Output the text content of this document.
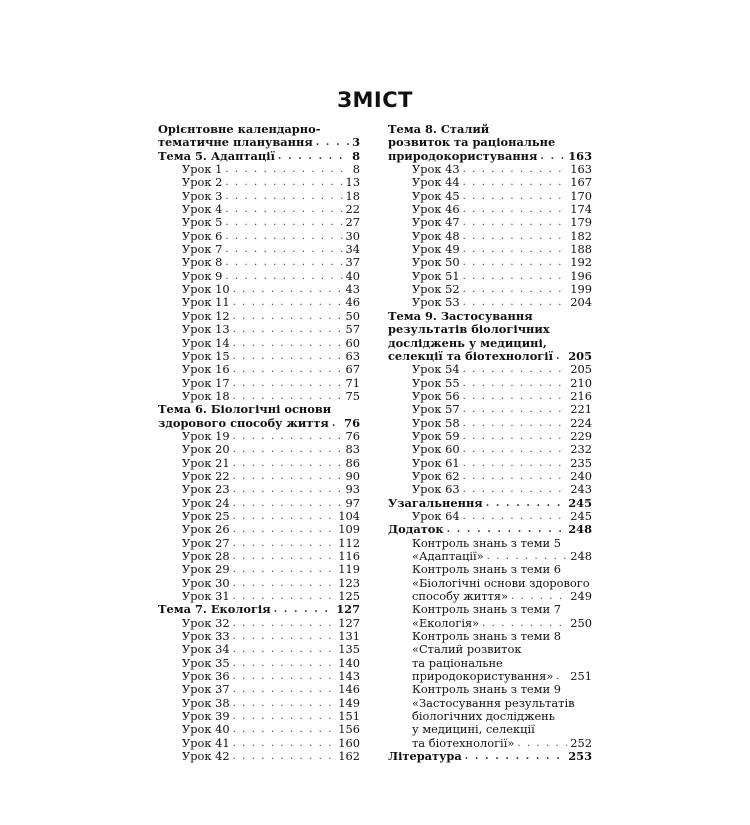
ЗМІСТ
Орієнтовне календарно-
тематичне планування . . .	3
Тема 5. Адаптації . . .	8
Урок 1 . . .	8
Урок 2 . . .	13
Урок 3 . . .	18
Урок 4 . . .	22
Урок 5 . . .	27
Урок 6 . . .	30
Урок 7 . . .	34
Урок 8 . . .	37
Урок 9 . . .	40
Урок 10 . . .	43
Урок 11 . . .	46
Урок 12 . . .	50
Урок 13 . . .	57
Урок 14 . . .	60
Урок 15 . . .	63
Урок 16 . . .	67
Урок 17 . . .	71
Урок 18 . . .	75
Тема 6. Біологічні основи
здорового способу життя . . . 76
Урок 19 . . .	76
Урок 20 . . .	83
Урок 21 . . .	86
Урок 22 . . .	90
Урок 23 . . .	93
Урок 24 . . .	97
Урок 25 . . .	104
Урок 26 . . .	109
Урок 27 . . .	112
Урок 28 . . .	116
Урок 29 . . .	119
Урок 30 . . .	123
Урок 31 . . .	125
Тема 7. Екологія . . .	127
Урок 32 . . .	127
Урок 33 . . .	131
Урок 34 . . .	135
Урок 35 . . .	140
Урок 36 . . .	143
Урок 37 . . .	146
Урок 38 . . .	149
Урок 39 . . .	151
Урок 40 . . .	156
Урок 41 . . .	160
Урок 42 . . .	162
Тема 8. Сталий
розвиток та раціональне
природокористування . . .	163
Урок 43 . . .	163
Урок 44 . . .	167
Урок 45 . . .	170
Урок 46 . . .	174
Урок 47 . . .	179
Урок 48 . . .	182
Урок 49 . . .	188
Урок 50 . . .	192
Урок 51 . . .	196
Урок 52 . . .	199
Урок 53 . . .	204
Тема 9. Застосування
результатів біологічних
досліджень у медицині,
селекції та біотехнології . . . 205
Урок 54 . . .	205
Урок 55 . . .	210
Урок 56 . . .	216
Урок 57 . . .	221
Урок 58 . . .	224
Урок 59 . . .	229
Урок 60 . . .	232
Урок 61 . . .	235
Урок 62 . . .	240
Урок 63 . . .	243
Узагальнення . . .	245
Урок 64 . . .	245
Додаток . . .	248
Контроль знань з теми 5
«Адаптації» . . .	248
Контроль знань з теми 6
«Біологічні основи здорового
способу життя» . . .	249
Контроль знань з теми 7
«Екологія» . . .	250
Контроль знань з теми 8
«Сталий розвиток
та раціональне
природокористування» . . . 251
Контроль знань з теми 9
«Застосування результатів
біологічних досліджень
у медицині, селекції
та біотехнології» . . .	252
Література . . .	253
